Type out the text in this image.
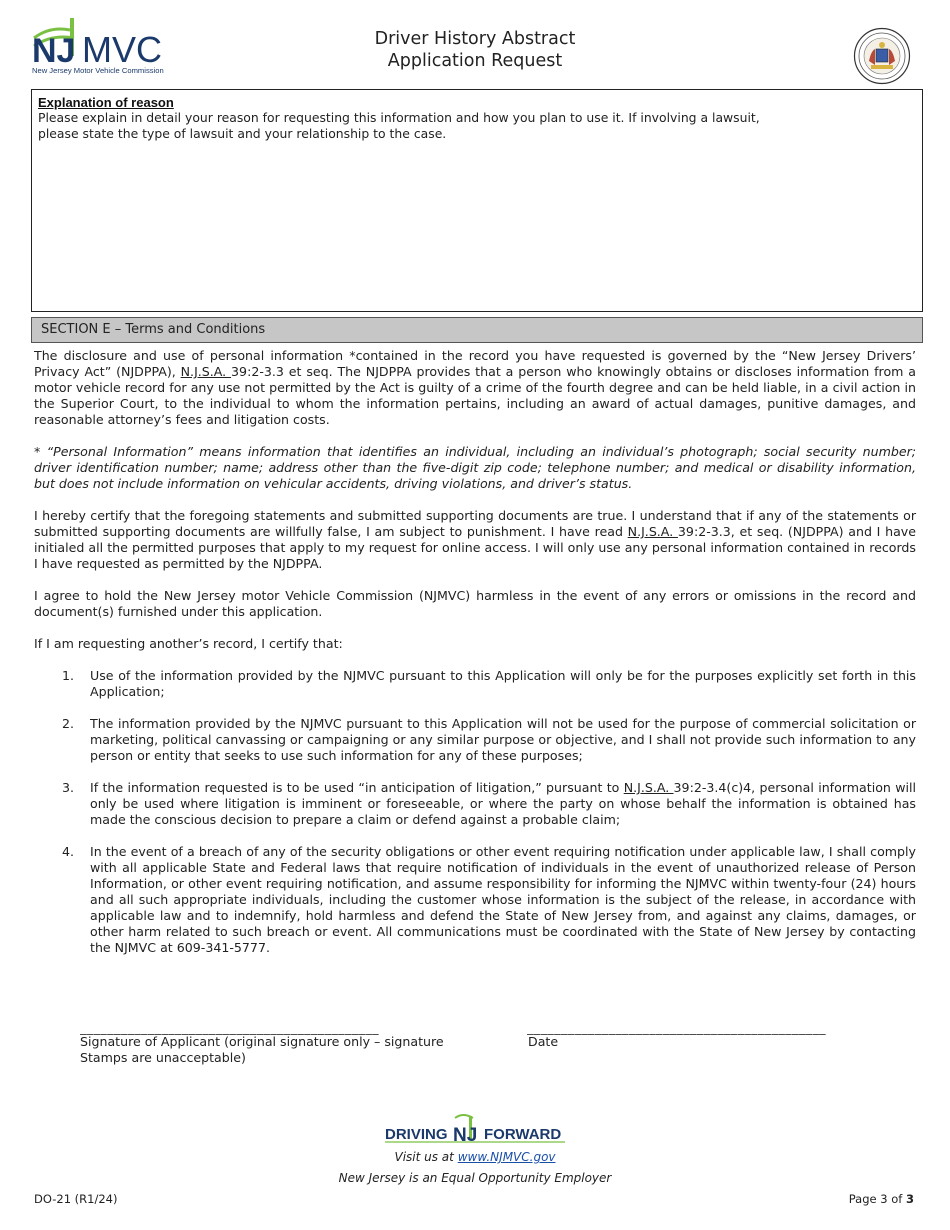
NJ MVC
New Jersey Motor Vehicle Commission
Driver History Abstract
Application Request
Explanation of reason
Please explain in detail your reason for requesting this information and how you plan to use it. If involving a lawsuit,
please state the type of lawsuit and your relationship to the case.
SECTION E – Terms and Conditions

The disclosure and use of personal information *contained in the record you have requested is governed by the “New Jersey Drivers’ Privacy Act” (NJDPPA), N.J.S.A. 39:2-3.3 et seq. The NJDPPA provides that a person who knowingly obtains or discloses information from a motor vehicle record for any use not permitted by the Act is guilty of a crime of the fourth degree and can be held liable, in a civil action in the Superior Court, to the individual to whom the information pertains, including an award of actual damages, punitive damages, and reasonable attorney’s fees and litigation costs.

* “Personal Information” means information that identifies an individual, including an individual’s photograph; social security number; driver identification number; name; address other than the five-digit zip code; telephone number; and medical or disability information, but does not include information on vehicular accidents, driving violations, and driver’s status.

I hereby certify that the foregoing statements and submitted supporting documents are true. I understand that if any of the statements or submitted supporting documents are willfully false, I am subject to punishment. I have read N.J.S.A. 39:2-3.3, et seq. (NJDPPA) and I have initialed all the permitted purposes that apply to my request for online access. I will only use any personal information contained in records I have requested as permitted by the NJDPPA.

I agree to hold the New Jersey motor Vehicle Commission (NJMVC) harmless in the event of any errors or omissions in the record and document(s) furnished under this application.

If I am requesting another’s record, I certify that:

1. Use of the information provided by the NJMVC pursuant to this Application will only be for the purposes explicitly set forth in this Application;
2. The information provided by the NJMVC pursuant to this Application will not be used for the purpose of commercial solicitation or marketing, political canvassing or campaigning or any similar purpose or objective, and I shall not provide such information to any person or entity that seeks to use such information for any of these purposes;
3. If the information requested is to be used “in anticipation of litigation,” pursuant to N.J.S.A. 39:2-3.4(c)4, personal information will only be used where litigation is imminent or foreseeable, or where the party on whose behalf the information is obtained has made the conscious decision to prepare a claim or defend against a probable claim;
4. In the event of a breach of any of the security obligations or other event requiring notification under applicable law, I shall comply with all applicable State and Federal laws that require notification of individuals in the event of unauthorized release of Person Information, or other event requiring notification, and assume responsibility for informing the NJMVC within twenty-four (24) hours and all such appropriate individuals, including the customer whose information is the subject of the release, in accordance with applicable law and to indemnify, hold harmless and defend the State of New Jersey from, and against any claims, damages, or other harm related to such breach or event. All communications must be coordinated with the State of New Jersey by contacting the NJMVC at 609-341-5777.
____________________________________________
Signature of Applicant (original signature only – signature
Stamps are unacceptable)
____________________________________________
Date
DRIVING NJ FORWARD
Visit us at www.NJMVC.gov
New Jersey is an Equal Opportunity Employer
DO-21 (R1/24)	Page 3 of 3
